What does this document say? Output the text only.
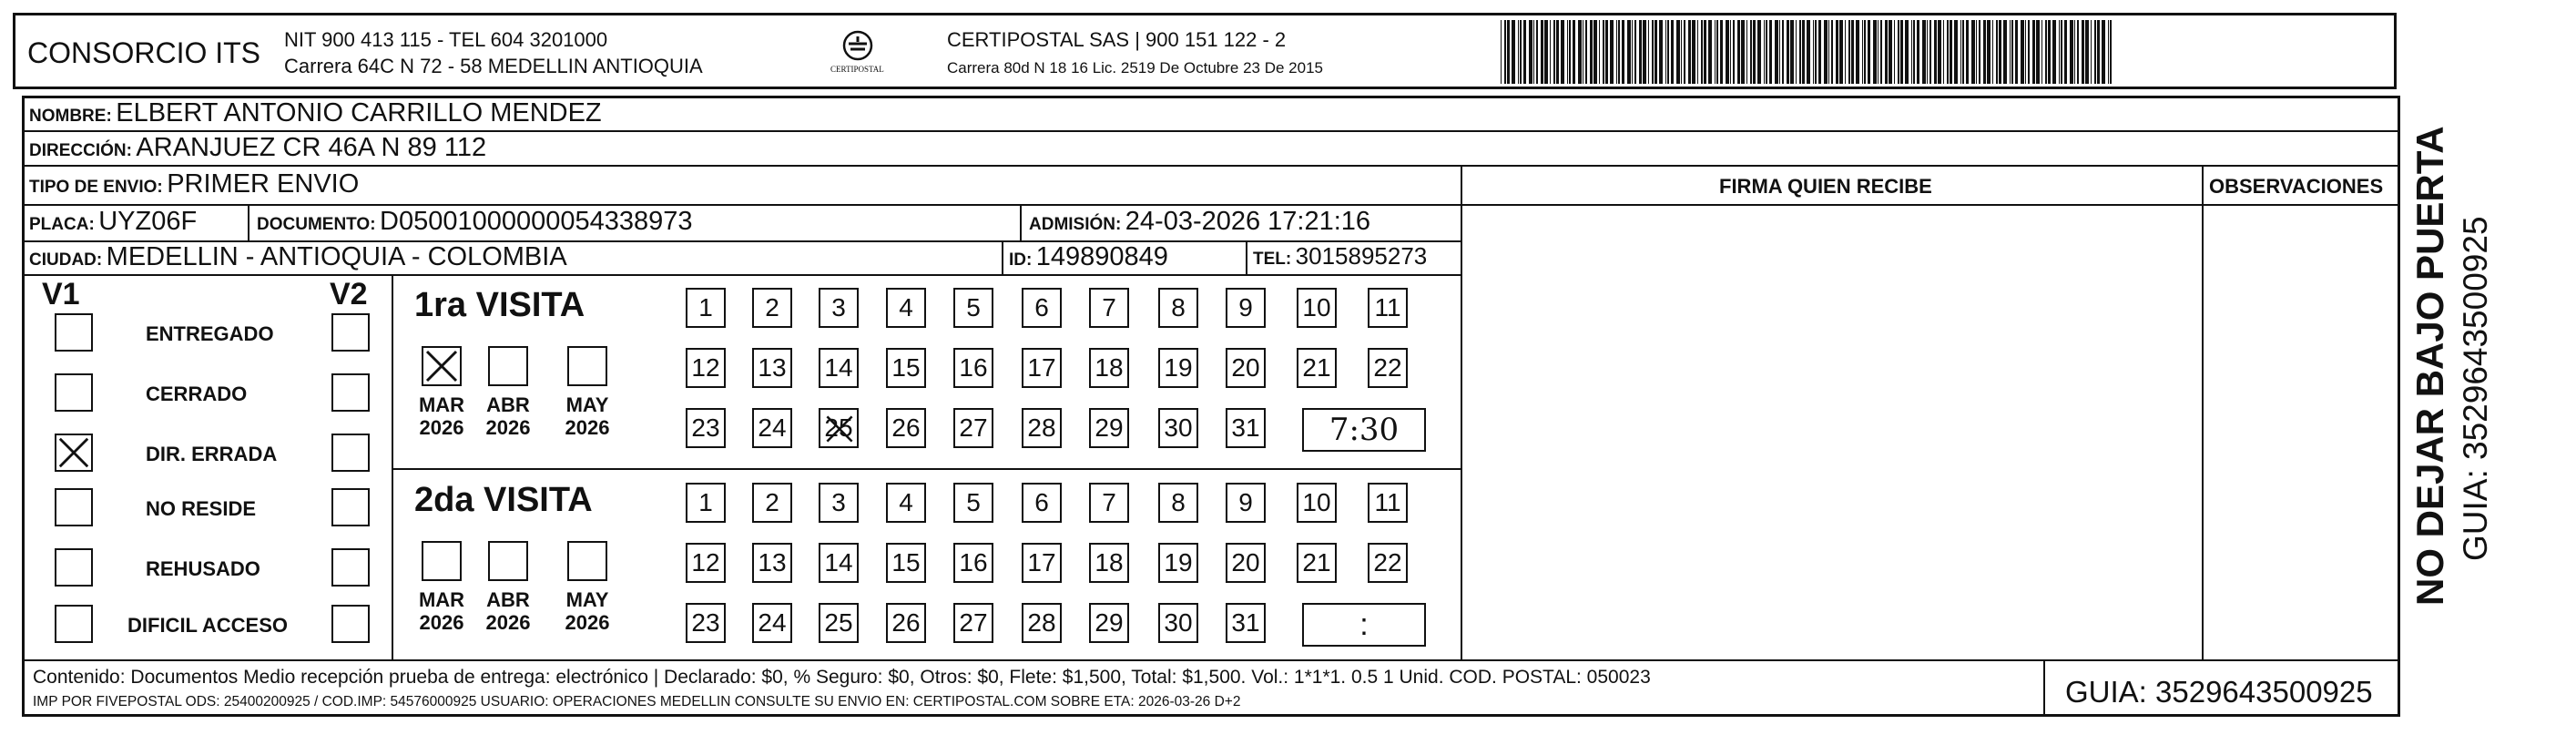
CONSORCIO ITS NIT 900 413 115 - TEL 604 3201000
Carrera 64C N 72 - 58 MEDELLIN ANTIOQUIA	CERTIPOSTAL
CERTIPOSTAL SAS | 900 151 122 - 2
Carrera 80d N 18 16 Lic. 2519 De Octubre 23 De 2015
NOMBRE: ELBERT ANTONIO CARRILLO MENDEZ
DIRECCIÓN: ARANJUEZ CR 46A N 89 112
TIPO DE ENVIO: PRIMER ENVIO	FIRMA QUIEN RECIBE	OBSERVACIONES
PLACA: UYZ06F	DOCUMENTO: D05001000000054338973	ADMISIÓN: 24-03-2026 17:21:16
CIUDAD: MEDELLIN - ANTIOQUIA - COLOMBIA	ID: 149890849	TEL: 3015895273
V1	V2
ENTREGADO
CERRADO
DIR. ERRADA
NO RESIDE
REHUSADO
DIFICIL ACCESO
1ra VISITA
MAR
2026
ABR
2026
MAY
2026
1	2	3	4	5	6	7	8	9	10 11
12 13 14 15 16 17 18 19 20 21 22
23 24 25 26 27 28 29 30 31	7:30
2da VISITA
MAR
2026
ABR
2026
MAY
2026
1	2	3	4	5	6	7	8	9	10 11
12 13 14 15 16 17 18 19 20 21 22
23 24 25 26 27 28 29 30 31	:
Contenido: Documentos Medio recepción prueba de entrega: electrónico | Declarado: $0, % Seguro: $0, Otros: $0, Flete: $1,500, Total: $1,500. Vol.: 1*1*1. 0.5 1 Unid. COD. POSTAL: 050023
IMP POR FIVEPOSTAL ODS: 25400200925 / COD.IMP: 54576000925 USUARIO: OPERACIONES MEDELLIN CONSULTE SU ENVIO EN: CERTIPOSTAL.COM SOBRE ETA: 2026-03-26 D+2	GUIA: 3529643500925
NO DEJAR BAJO PUERTA GUIA: 3529643500925
